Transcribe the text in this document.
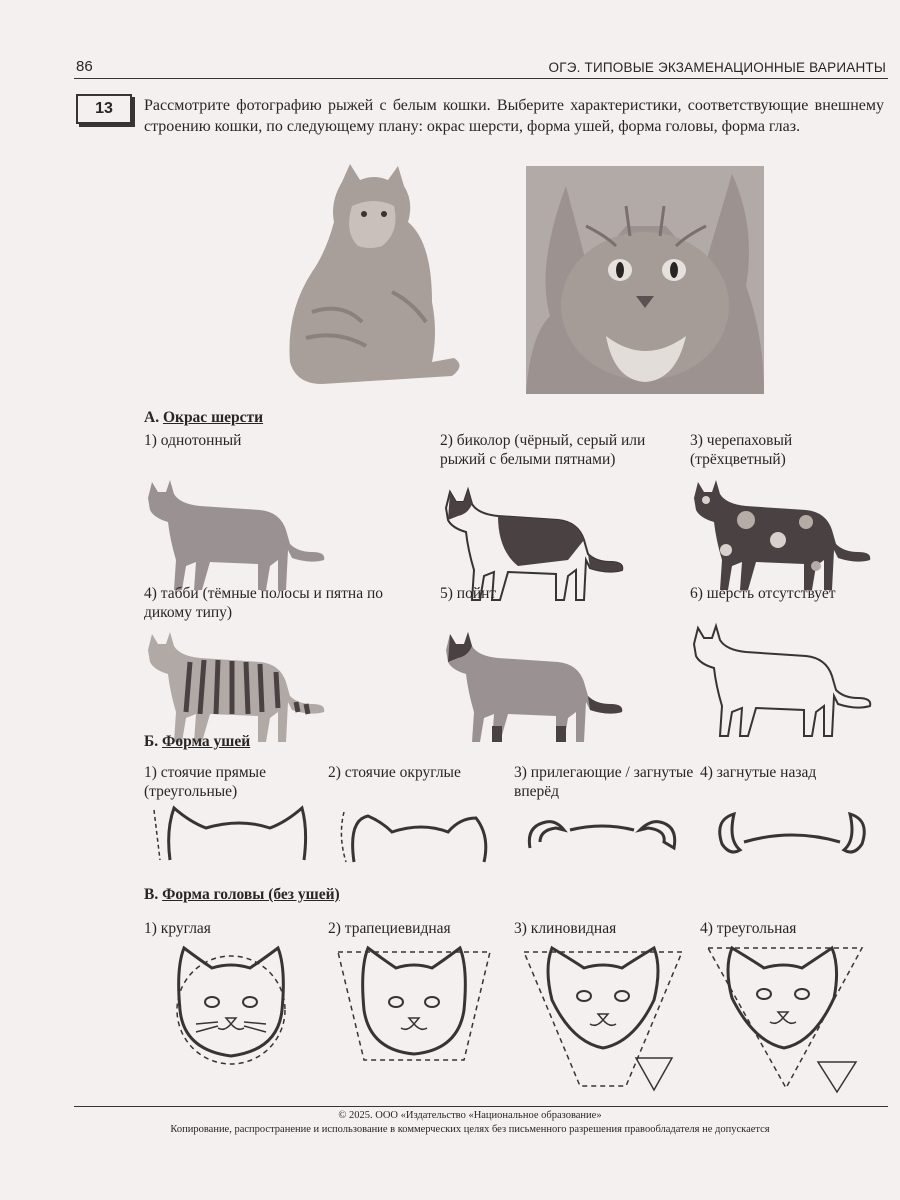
86	ОГЭ. ТИПОВЫЕ ЭКЗАМЕНАЦИОННЫЕ ВАРИАНТЫ
13 Рассмотрите фотографию рыжей с белым кошки. Выберите характеристики, соответствующие внешнему строению кошки, по следующему плану: окрас шерсти, форма ушей, форма головы, форма глаз.
А. Окрас шерсти
1) однотонный	2) биколор (чёрный, серый или рыжий с белыми пятнами)
3) черепаховый (трёхцветный)
4) табби (тёмные полосы и пятна по дикому типу)
5) пойнт	6) шерсть отсутствует
Б. Форма ушей
1) стоячие прямые (треугольные)
2) стоячие округлые	3) прилегающие / загнутые вперёд
4) загнутые назад
В. Форма головы (без ушей)
1) круглая	2) трапециевидная	3) клиновидная	4) треугольная
© 2025. ООО «Издательство «Национальное образование»
Копирование, распространение и использование в коммерческих целях без письменного разрешения правообладателя не допускается
